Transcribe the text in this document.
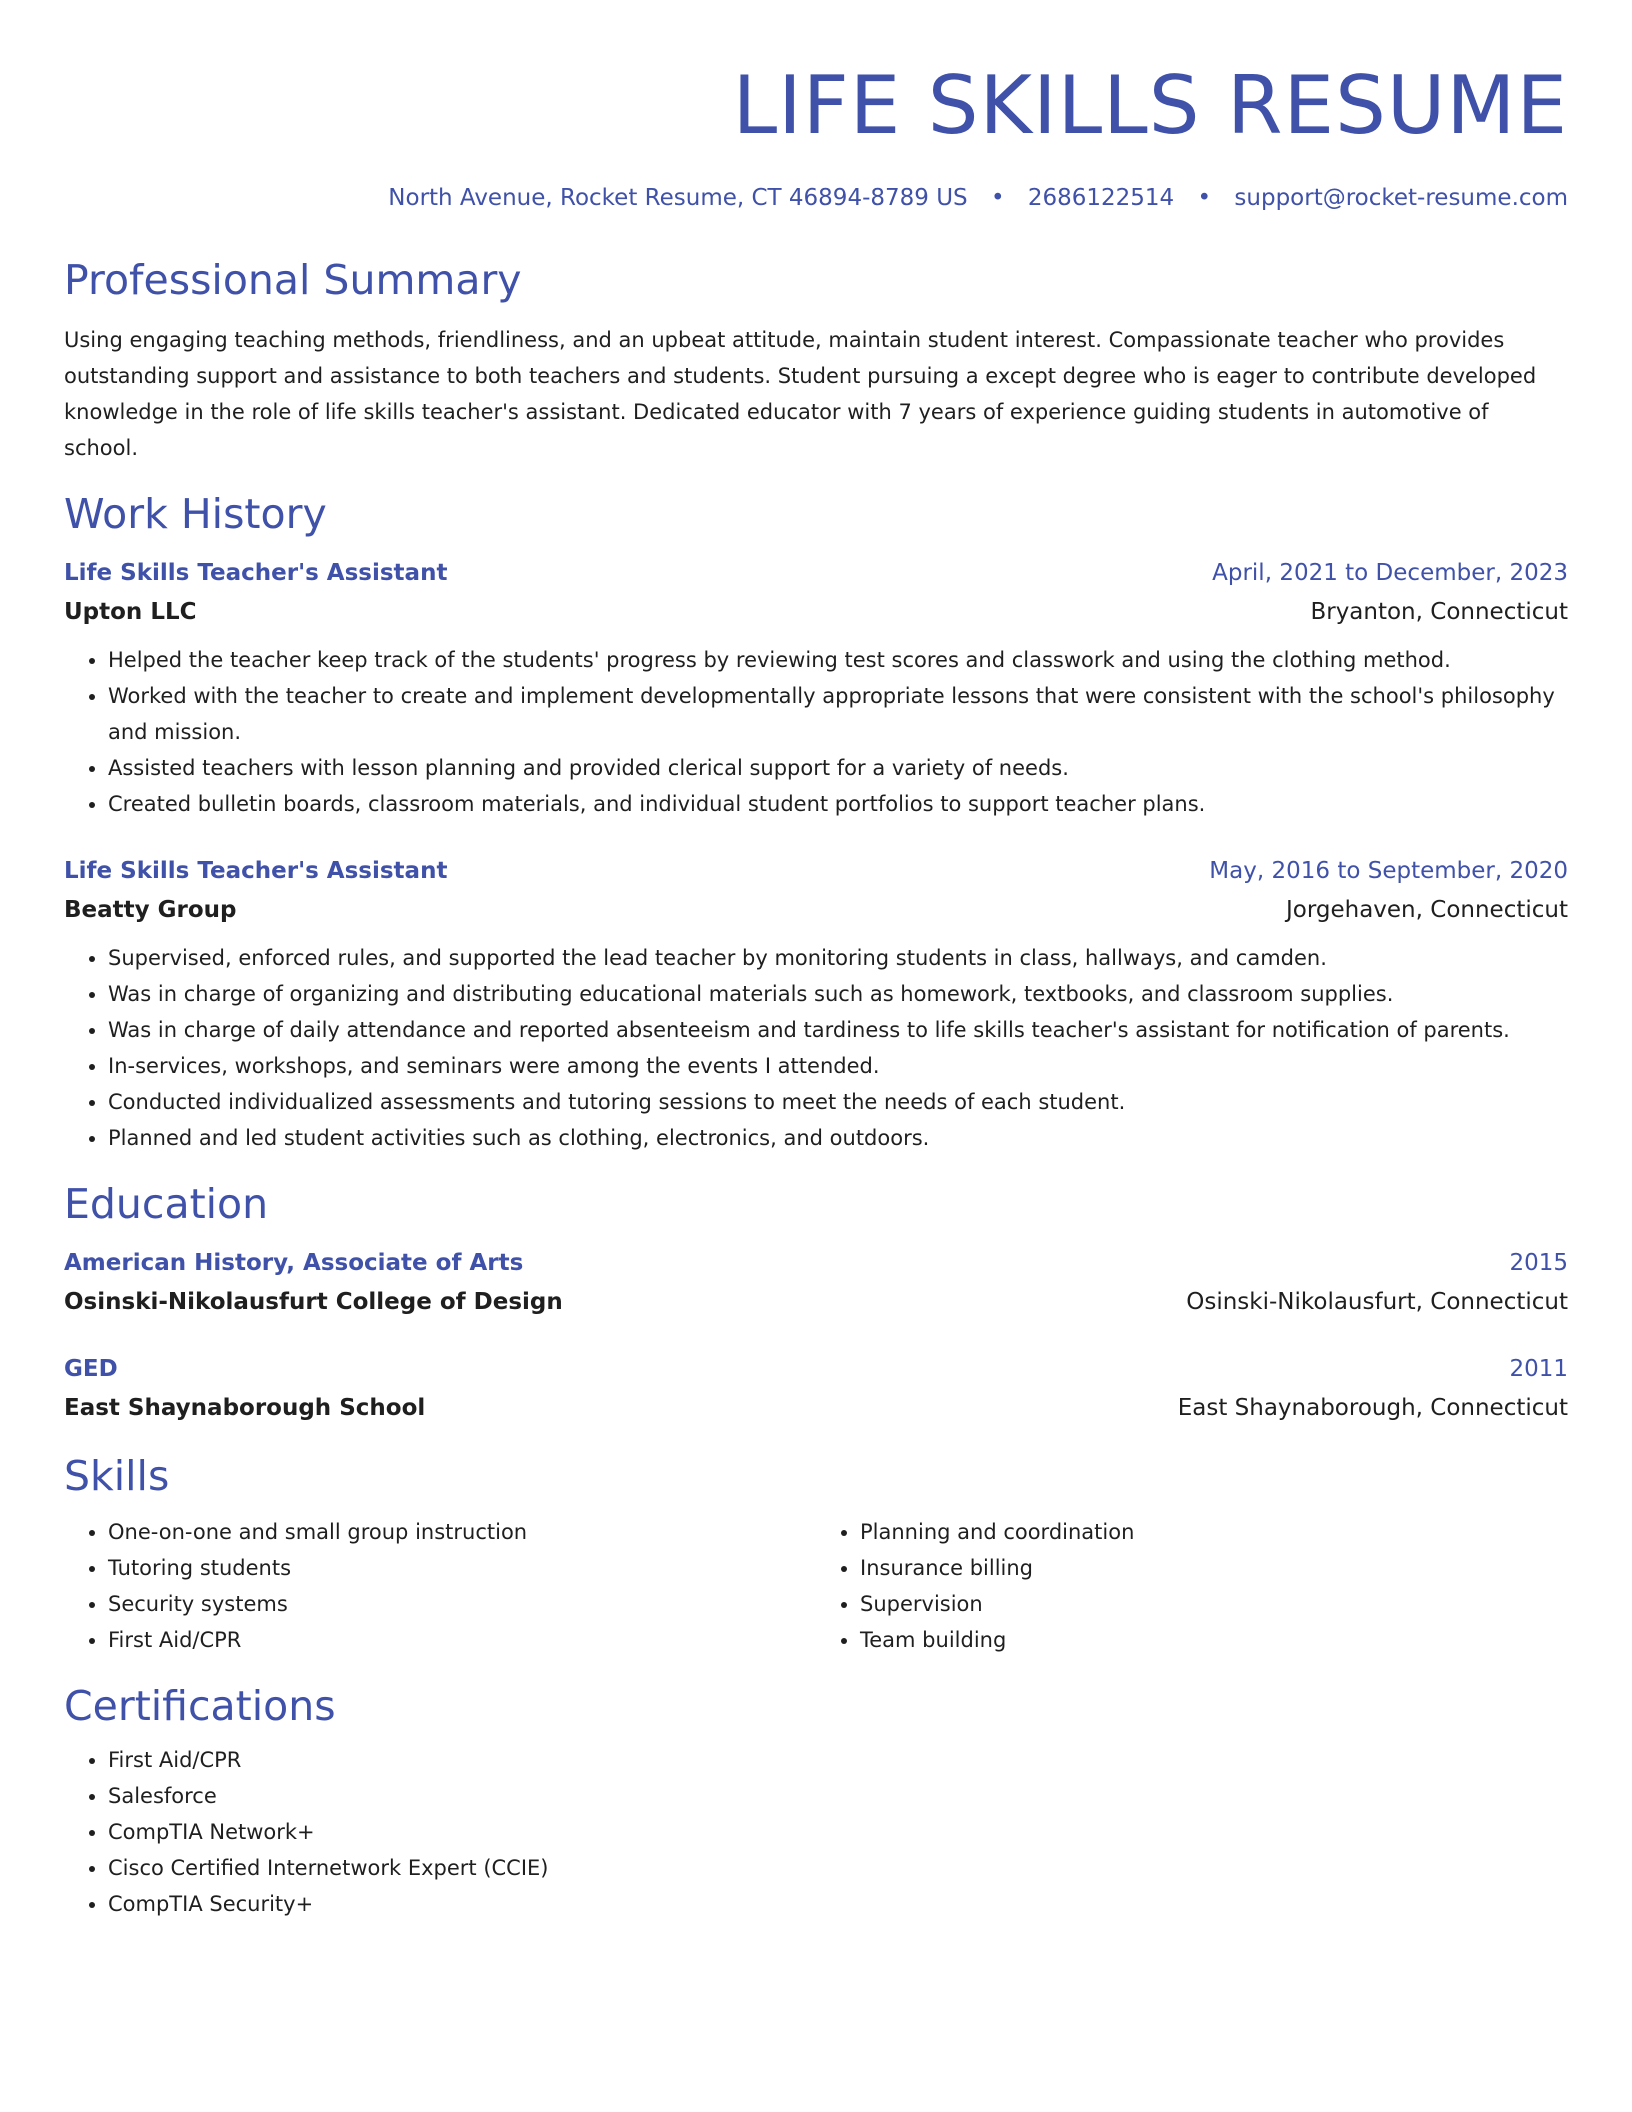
LIFE SKILLS RESUME
North Avenue, Rocket Resume, CT 46894-8789 US • 2686122514 • support@rocket-resume.com
Professional Summary
Using engaging teaching methods, friendliness, and an upbeat attitude, maintain student interest. Compassionate teacher who provides outstanding support and assistance to both teachers and students. Student pursuing a except degree who is eager to contribute developed knowledge in the role of life skills teacher's assistant. Dedicated educator with 7 years of experience guiding students in automotive of school.
Work History
Life Skills Teacher's Assistant	April, 2021 to December, 2023
Upton LLC	Bryanton, Connecticut
• Helped the teacher keep track of the students' progress by reviewing test scores and classwork and using the clothing method.
• Worked with the teacher to create and implement developmentally appropriate lessons that were consistent with the school's philosophy and mission.
• Assisted teachers with lesson planning and provided clerical support for a variety of needs.
• Created bulletin boards, classroom materials, and individual student portfolios to support teacher plans.
Life Skills Teacher's Assistant	May, 2016 to September, 2020
Beatty Group	Jorgehaven, Connecticut
• Supervised, enforced rules, and supported the lead teacher by monitoring students in class, hallways, and camden.
• Was in charge of organizing and distributing educational materials such as homework, textbooks, and classroom supplies.
• Was in charge of daily attendance and reported absenteeism and tardiness to life skills teacher's assistant for notification of parents.
• In-services, workshops, and seminars were among the events I attended.
• Conducted individualized assessments and tutoring sessions to meet the needs of each student.
• Planned and led student activities such as clothing, electronics, and outdoors.
Education
American History, Associate of Arts	2015
Osinski-Nikolausfurt College of Design	Osinski-Nikolausfurt, Connecticut
GED	2011
East Shaynaborough School	East Shaynaborough, Connecticut
Skills
• One-on-one and small group instruction
• Tutoring students
• Security systems
• First Aid/CPR
• Planning and coordination
• Insurance billing
• Supervision
• Team building
Certifications
• First Aid/CPR
• Salesforce
• CompTIA Network+
• Cisco Certified Internetwork Expert (CCIE)
• CompTIA Security+
